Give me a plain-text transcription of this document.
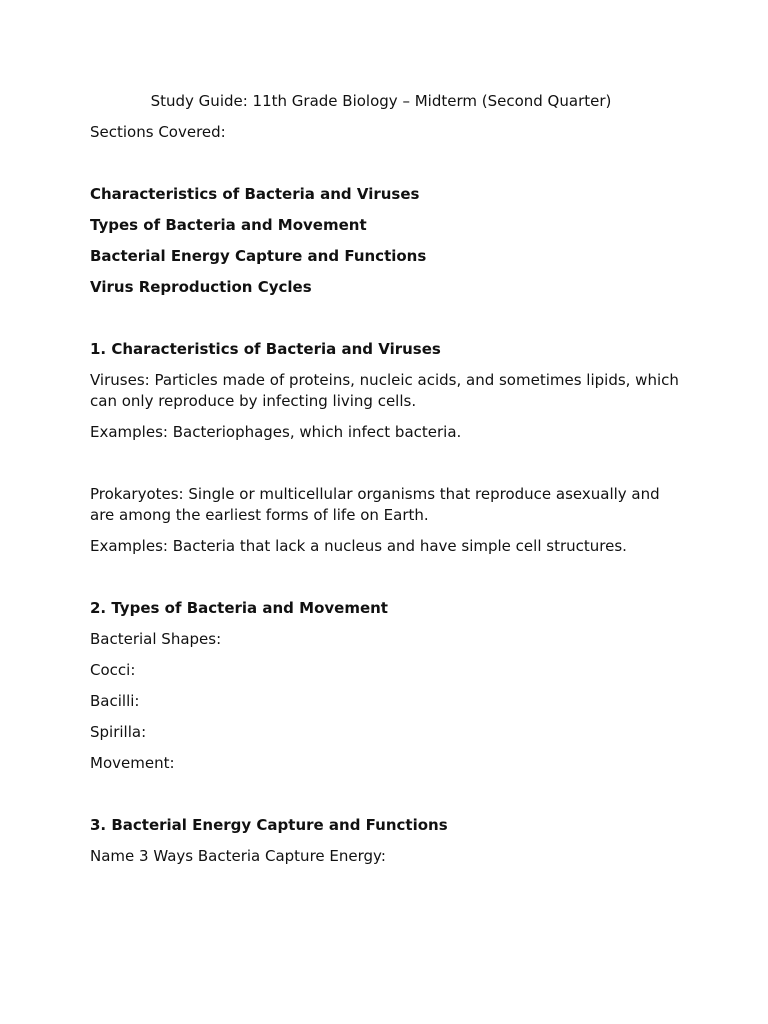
Study Guide: 11th Grade Biology – Midterm (Second Quarter)
Sections Covered:
Characteristics of Bacteria and Viruses
Types of Bacteria and Movement
Bacterial Energy Capture and Functions
Virus Reproduction Cycles
1. Characteristics of Bacteria and Viruses
Viruses: Particles made of proteins, nucleic acids, and sometimes lipids, which can only reproduce by infecting living cells.
Examples: Bacteriophages, which infect bacteria.
Prokaryotes: Single or multicellular organisms that reproduce asexually and are among the earliest forms of life on Earth.
Examples: Bacteria that lack a nucleus and have simple cell structures.
2. Types of Bacteria and Movement
Bacterial Shapes:
Cocci:
Bacilli:
Spirilla:
Movement:
3. Bacterial Energy Capture and Functions
Name 3 Ways Bacteria Capture Energy:
